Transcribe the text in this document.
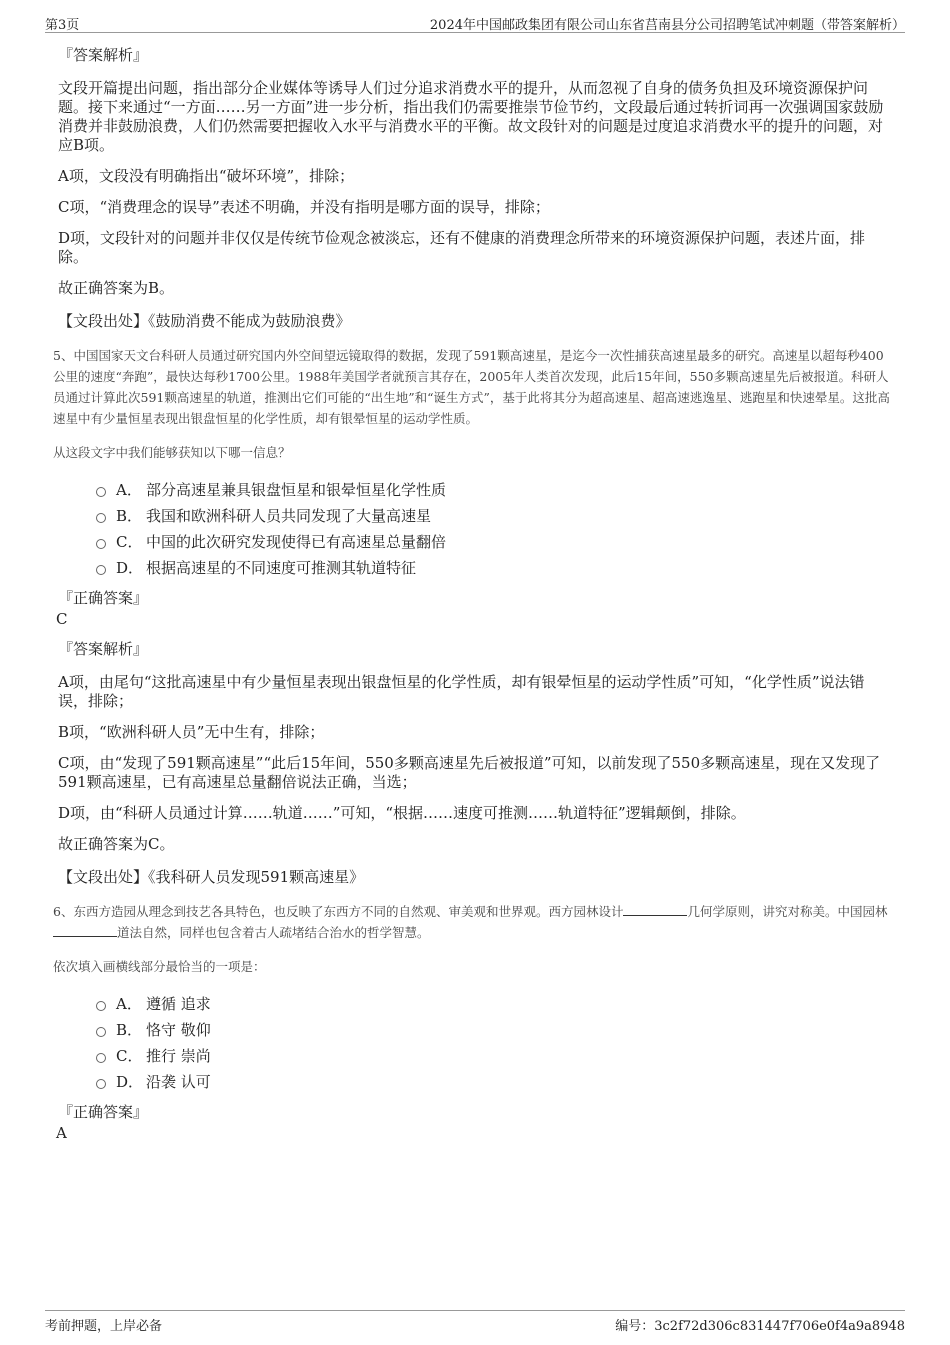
第3页	2024年中国邮政集团有限公司山东省莒南县分公司招聘笔试冲刺题（带答案解析）
『答案解析』
文段开篇提出问题，指出部分企业媒体等诱导人们过分追求消费水平的提升，从而忽视了自身的债务负担及环境资源保护问题。接下来通过“一方面……另一方面”进一步分析，指出我们仍需要推崇节俭节约，文段最后通过转折词再一次强调国家鼓励消费并非鼓励浪费，人们仍然需要把握收入水平与消费水平的平衡。故文段针对的问题是过度追求消费水平的提升的问题，对应B项。
A项，文段没有明确指出“破坏环境”，排除；
C项，“消费理念的误导”表述不明确，并没有指明是哪方面的误导，排除；
D项，文段针对的问题并非仅仅是传统节俭观念被淡忘，还有不健康的消费理念所带来的环境资源保护问题，表述片面，排除。
故正确答案为B。
【文段出处】《鼓励消费不能成为鼓励浪费》
5、中国国家天文台科研人员通过研究国内外空间望远镜取得的数据，发现了591颗高速星，是迄今一次性捕获高速星最多的研究。高速星以超每秒400公里的速度“奔跑”，最快达每秒1700公里。1988年美国学者就预言其存在，2005年人类首次发现，此后15年间，550多颗高速星先后被报道。科研人员通过计算此次591颗高速星的轨道，推测出它们可能的“出生地”和“诞生方式”，基于此将其分为超高速星、超高速逃逸星、逃跑星和快速晕星。这批高速星中有少量恒星表现出银盘恒星的化学性质，却有银晕恒星的运动学性质。
从这段文字中我们能够获知以下哪一信息？
A． 部分高速星兼具银盘恒星和银晕恒星化学性质
B． 我国和欧洲科研人员共同发现了大量高速星
C． 中国的此次研究发现使得已有高速星总量翻倍
D． 根据高速星的不同速度可推测其轨道特征
『正确答案』
C
『答案解析』
A项，由尾句“这批高速星中有少量恒星表现出银盘恒星的化学性质，却有银晕恒星的运动学性质”可知，“化学性质”说法错误，排除；
B项，“欧洲科研人员”无中生有，排除；
C项，由“发现了591颗高速星”“此后15年间，550多颗高速星先后被报道”可知，以前发现了550多颗高速星，现在又发现了591颗高速星，已有高速星总量翻倍说法正确，当选；
D项，由“科研人员通过计算……轨道……”可知，“根据……速度可推测……轨道特征”逻辑颠倒，排除。
故正确答案为C。
【文段出处】《我科研人员发现591颗高速星》
6、东西方造园从理念到技艺各具特色，也反映了东西方不同的自然观、审美观和世界观。西方园林设计	几何学原则，讲究对称美。中国园林道法自然，同样也包含着古人疏堵结合治水的哲学智慧。
依次填入画横线部分最恰当的一项是：
A． 遵循 追求
B． 恪守 敬仰
C． 推行 崇尚
D． 沿袭 认可
『正确答案』
A
考前押题，上岸必备	编号：3c2f72d306c831447f706e0f4a9a8948
